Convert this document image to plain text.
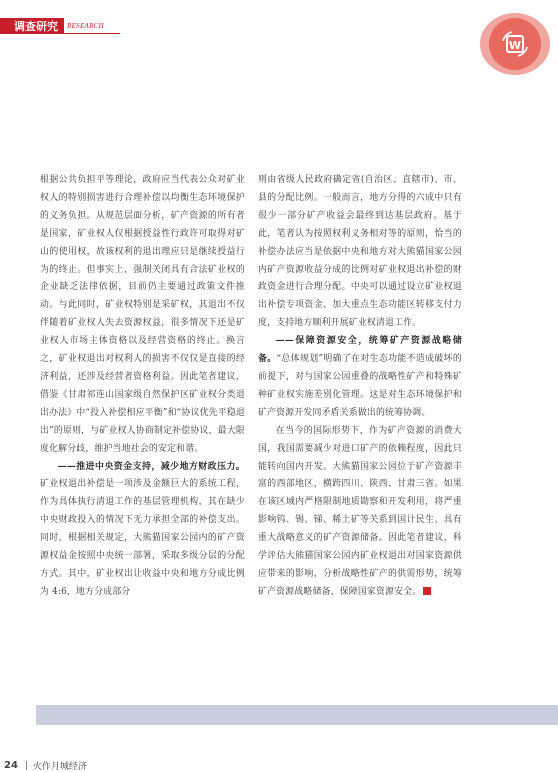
调查研究	RESEARCH
W

根据公共负担平等理论，政府应当代表公众对矿业权人的特别损害进行合理补偿以均衡生态环境保护的义务负担。从规范层面分析，矿产资源的所有者是国家，矿业权人仅根据授益性行政许可取得对矿山的使用权，故该权利的退出理应只是继续授益行为的终止。但事实上，强制关闭具有合法矿业权的企业缺乏法律依据，目前仍主要通过政策文件推动。与此同时，矿业权特别是采矿权，其退出不仅伴随着矿业权人失去资源权益，很多情况下还是矿业权人市场主体资格以及经营资格的终止。换言之，矿业权退出对权利人的损害不仅仅是直接的经济利益，还涉及经营者资格利益。因此笔者建议，借鉴《甘肃祁连山国家级自然保护区矿业权分类退出办法》中“投入补偿相应平衡”和“协议优先平稳退出”的原则，与矿业权人协商制定补偿协议，最大限度化解分歧，维护当地社会的安定和谐。

——推进中央资金支持，减少地方财政压力。矿业权退出补偿是一项涉及金额巨大的系统工程，作为具体执行清退工作的基层管理机构，其在缺少中央财政投入的情况下无力承担全部的补偿支出。同时，根据相关规定，大熊猫国家公园内的矿产资源权益金按照中央统一部署，采取多级分层的分配方式。其中，矿业权出让收益中央和地方分成比例为 4:6，地方分成部分

则由省级人民政府确定省(自治区、直辖市)、市、县的分配比例。一般而言，地方分得的六成中只有很少一部分矿产收益会最终到达基层政府。基于此，笔者认为按照权利义务相对等的原则，恰当的补偿办法应当是依据中央和地方对大熊猫国家公园内矿产资源收益分成的比例对矿业权退出补偿的财政资金进行合理分配。中央可以通过设立矿业权退出补偿专项资金、加大重点生态功能区转移支付力度，支持地方顺利开展矿业权清退工作。

——保障资源安全，统筹矿产资源战略储备。“总体规划”明确了在对生态功能不造成破坏的前提下，对与国家公园重叠的战略性矿产和特殊矿种矿业权实施差别化管理。这是对生态环境保护和矿产资源开发同矛盾关系做出的统筹协调。

在当今的国际形势下，作为矿产资源的消费大国，我国需要减少对进口矿产的依赖程度，因此只能转向国内开发。大熊猫国家公园位于矿产资源丰富的西部地区，横跨四川、陕西、甘肃三省。如果在该区域内严格限制地质勘察和开发利用，将严重影响钨、锡、锑、稀土矿等关系到国计民生、具有重大战略意义的矿产资源储备。因此笔者建议，科学评估大熊猫国家公园内矿业权退出对国家资源供应带来的影响，分析战略性矿产的供需形势，统筹矿产资源战略储备，保障国家资源安全。

24 火作月城经济
